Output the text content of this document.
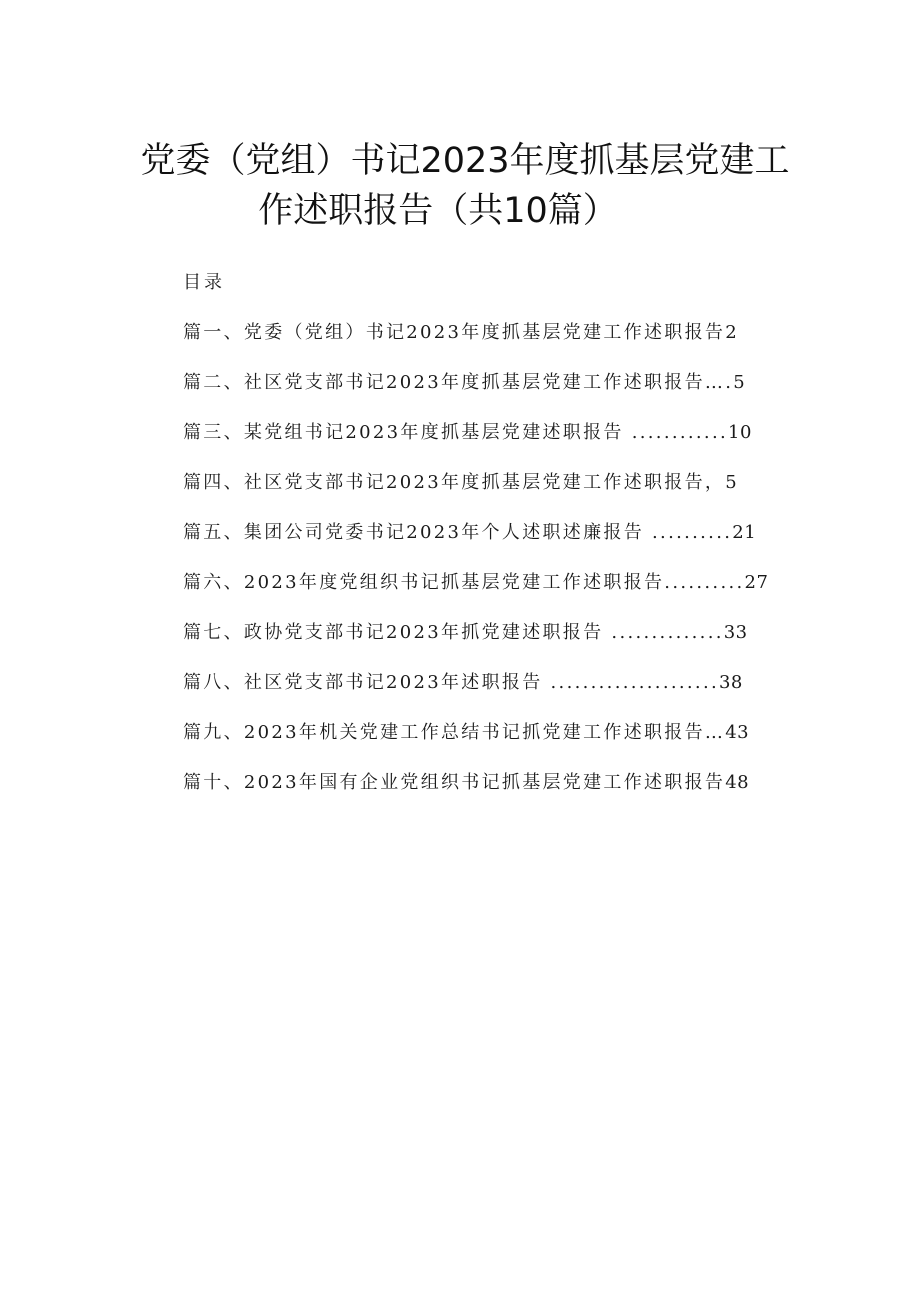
党委（党组）书记2023年度抓基层党建工
作述职报告（共10篇）
目录
篇一、党委（党组）书记2023年度抓基层党建工作述职报告2
篇二、社区党支部书记2023年度抓基层党建工作述职报告….5
篇三、某党组书记2023年度抓基层党建述职报告 ............10
篇四、社区党支部书记2023年度抓基层党建工作述职报告，5
篇五、集团公司党委书记2023年个人述职述廉报告 ..........21
篇六、2023年度党组织书记抓基层党建工作述职报告..........27
篇七、政协党支部书记2023年抓党建述职报告 ..............33
篇八、社区党支部书记2023年述职报告 .....................38
篇九、2023年机关党建工作总结书记抓党建工作述职报告…43
篇十、2023年国有企业党组织书记抓基层党建工作述职报告48
